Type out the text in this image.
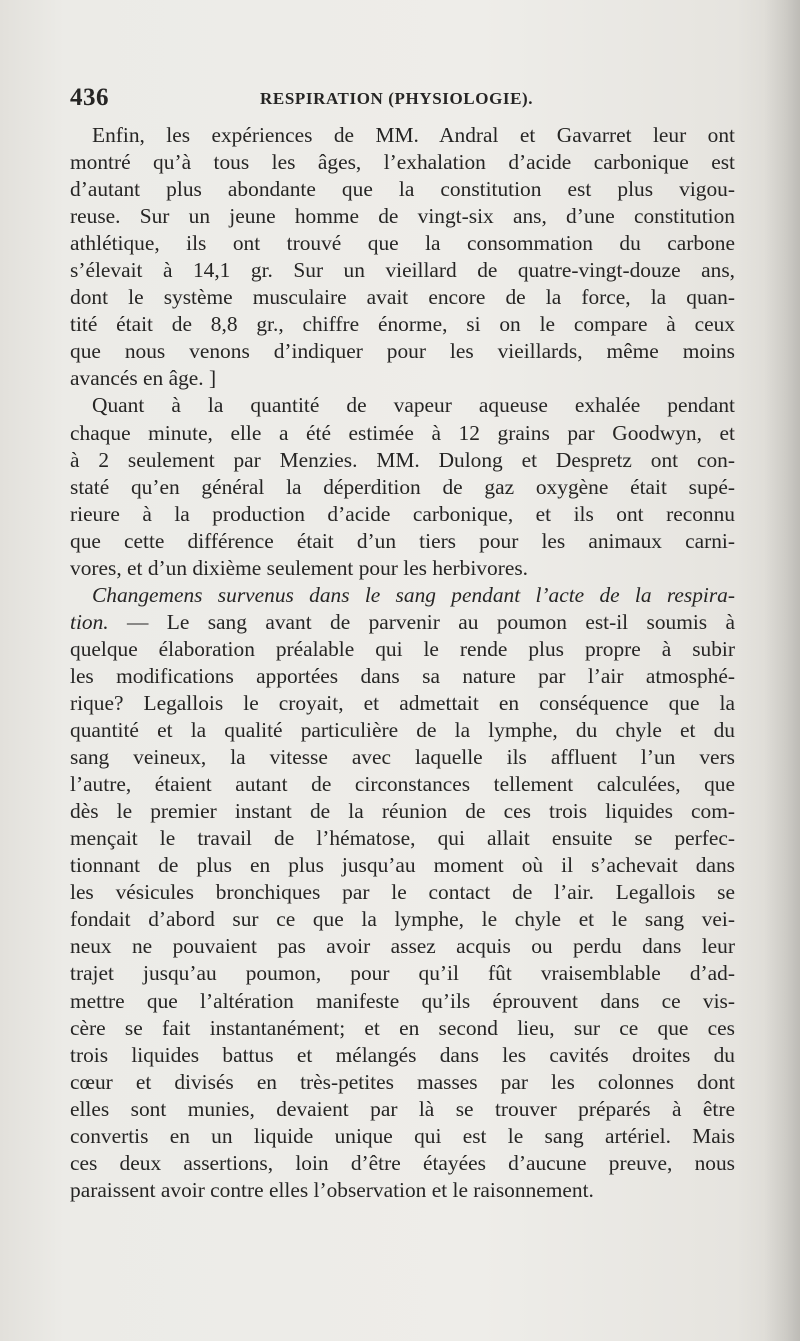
436	RESPIRATION (PHYSIOLOGIE).
Enfin, les expériences de MM. Andral et Gavarret leur ont
montré qu’à tous les âges, l’exhalation d’acide carbonique est
d’autant plus abondante que la constitution est plus vigou-
reuse. Sur un jeune homme de vingt-six ans, d’une constitution
athlétique, ils ont trouvé que la consommation du carbone
s’élevait à 14,1 gr. Sur un vieillard de quatre-vingt-douze ans,
dont le système musculaire avait encore de la force, la quan-
tité était de 8,8 gr., chiffre énorme, si on le compare à ceux
que nous venons d’indiquer pour les vieillards, même moins
avancés en âge. ]
Quant à la quantité de vapeur aqueuse exhalée pendant
chaque minute, elle a été estimée à 12 grains par Goodwyn, et
à 2 seulement par Menzies. MM. Dulong et Despretz ont con-
staté qu’en général la déperdition de gaz oxygène était supé-
rieure à la production d’acide carbonique, et ils ont reconnu
que cette différence était d’un tiers pour les animaux carni-
vores, et d’un dixième seulement pour les herbivores.
Changemens survenus dans le sang pendant l’acte de la respira-
tion. — Le sang avant de parvenir au poumon est-il soumis à
quelque élaboration préalable qui le rende plus propre à subir
les modifications apportées dans sa nature par l’air atmosphé-
rique? Legallois le croyait, et admettait en conséquence que la
quantité et la qualité particulière de la lymphe, du chyle et du
sang veineux, la vitesse avec laquelle ils affluent l’un vers
l’autre, étaient autant de circonstances tellement calculées, que
dès le premier instant de la réunion de ces trois liquides com-
mençait le travail de l’hématose, qui allait ensuite se perfec-
tionnant de plus en plus jusqu’au moment où il s’achevait dans
les vésicules bronchiques par le contact de l’air. Legallois se
fondait d’abord sur ce que la lymphe, le chyle et le sang vei-
neux ne pouvaient pas avoir assez acquis ou perdu dans leur
trajet jusqu’au poumon, pour qu’il fût vraisemblable d’ad-
mettre que l’altération manifeste qu’ils éprouvent dans ce vis-
cère se fait instantanément; et en second lieu, sur ce que ces
trois liquides battus et mélangés dans les cavités droites du
cœur et divisés en très-petites masses par les colonnes dont
elles sont munies, devaient par là se trouver préparés à être
convertis en un liquide unique qui est le sang artériel. Mais
ces deux assertions, loin d’être étayées d’aucune preuve, nous
paraissent avoir contre elles l’observation et le raisonnement.
